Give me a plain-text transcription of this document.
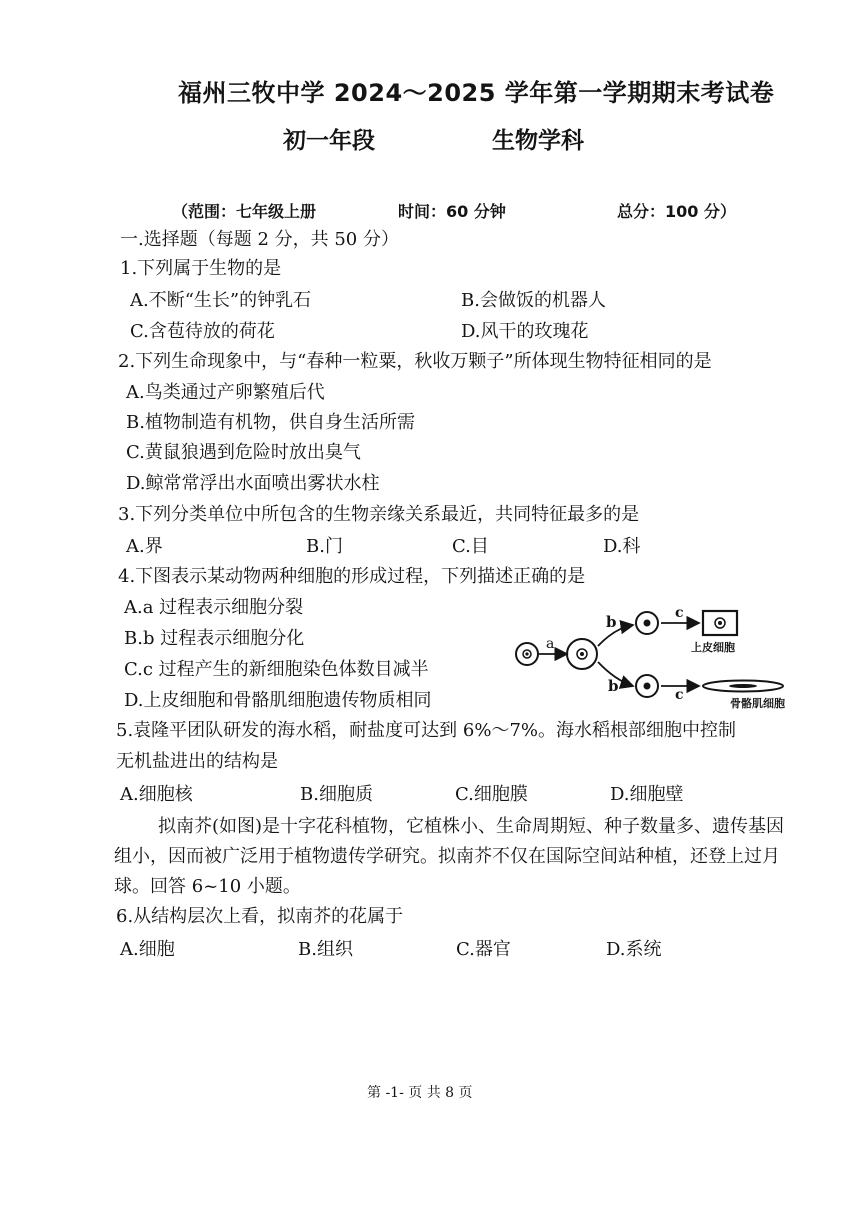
福州三牧中学 2024～2025 学年第一学期期末考试卷
初一年段	生物学科
（范围：七年级上册	时间：60 分钟	总分：100 分）
一.选择题（每题 2 分，共 50 分）
1.下列属于生物的是
A.不断“生长”的钟乳石	B.会做饭的机器人
C.含苞待放的荷花	D.风干的玫瑰花
2.下列生命现象中，与“春种一粒粟，秋收万颗子”所体现生物特征相同的是
A.鸟类通过产卵繁殖后代
B.植物制造有机物，供自身生活所需
C.黄鼠狼遇到危险时放出臭气
D.鲸常常浮出水面喷出雾状水柱
3.下列分类单位中所包含的生物亲缘关系最近，共同特征最多的是
A.界	B.门	C.目	D.科
4.下图表示某动物两种细胞的形成过程，下列描述正确的是
A.a 过程表示细胞分裂
B.b 过程表示细胞分化
C.c 过程产生的新细胞染色体数目减半
D.上皮细胞和骨骼肌细胞遗传物质相同
a
b
b
c
c
上皮细胞
骨骼肌细胞
5.袁隆平团队研发的海水稻，耐盐度可达到 6%～7%。海水稻根部细胞中控制
无机盐进出的结构是
A.细胞核	B.细胞质	C.细胞膜	D.细胞壁
拟南芥(如图)是十字花科植物，它植株小、生命周期短、种子数量多、遗传基因组小，因而被广泛用于植物遗传学研究。拟南芥不仅在国际空间站种植，还登上过月球。回答 6~10 小题。
6.从结构层次上看，拟南芥的花属于
A.细胞	B.组织	C.器官	D.系统
第 -1- 页 共 8 页
